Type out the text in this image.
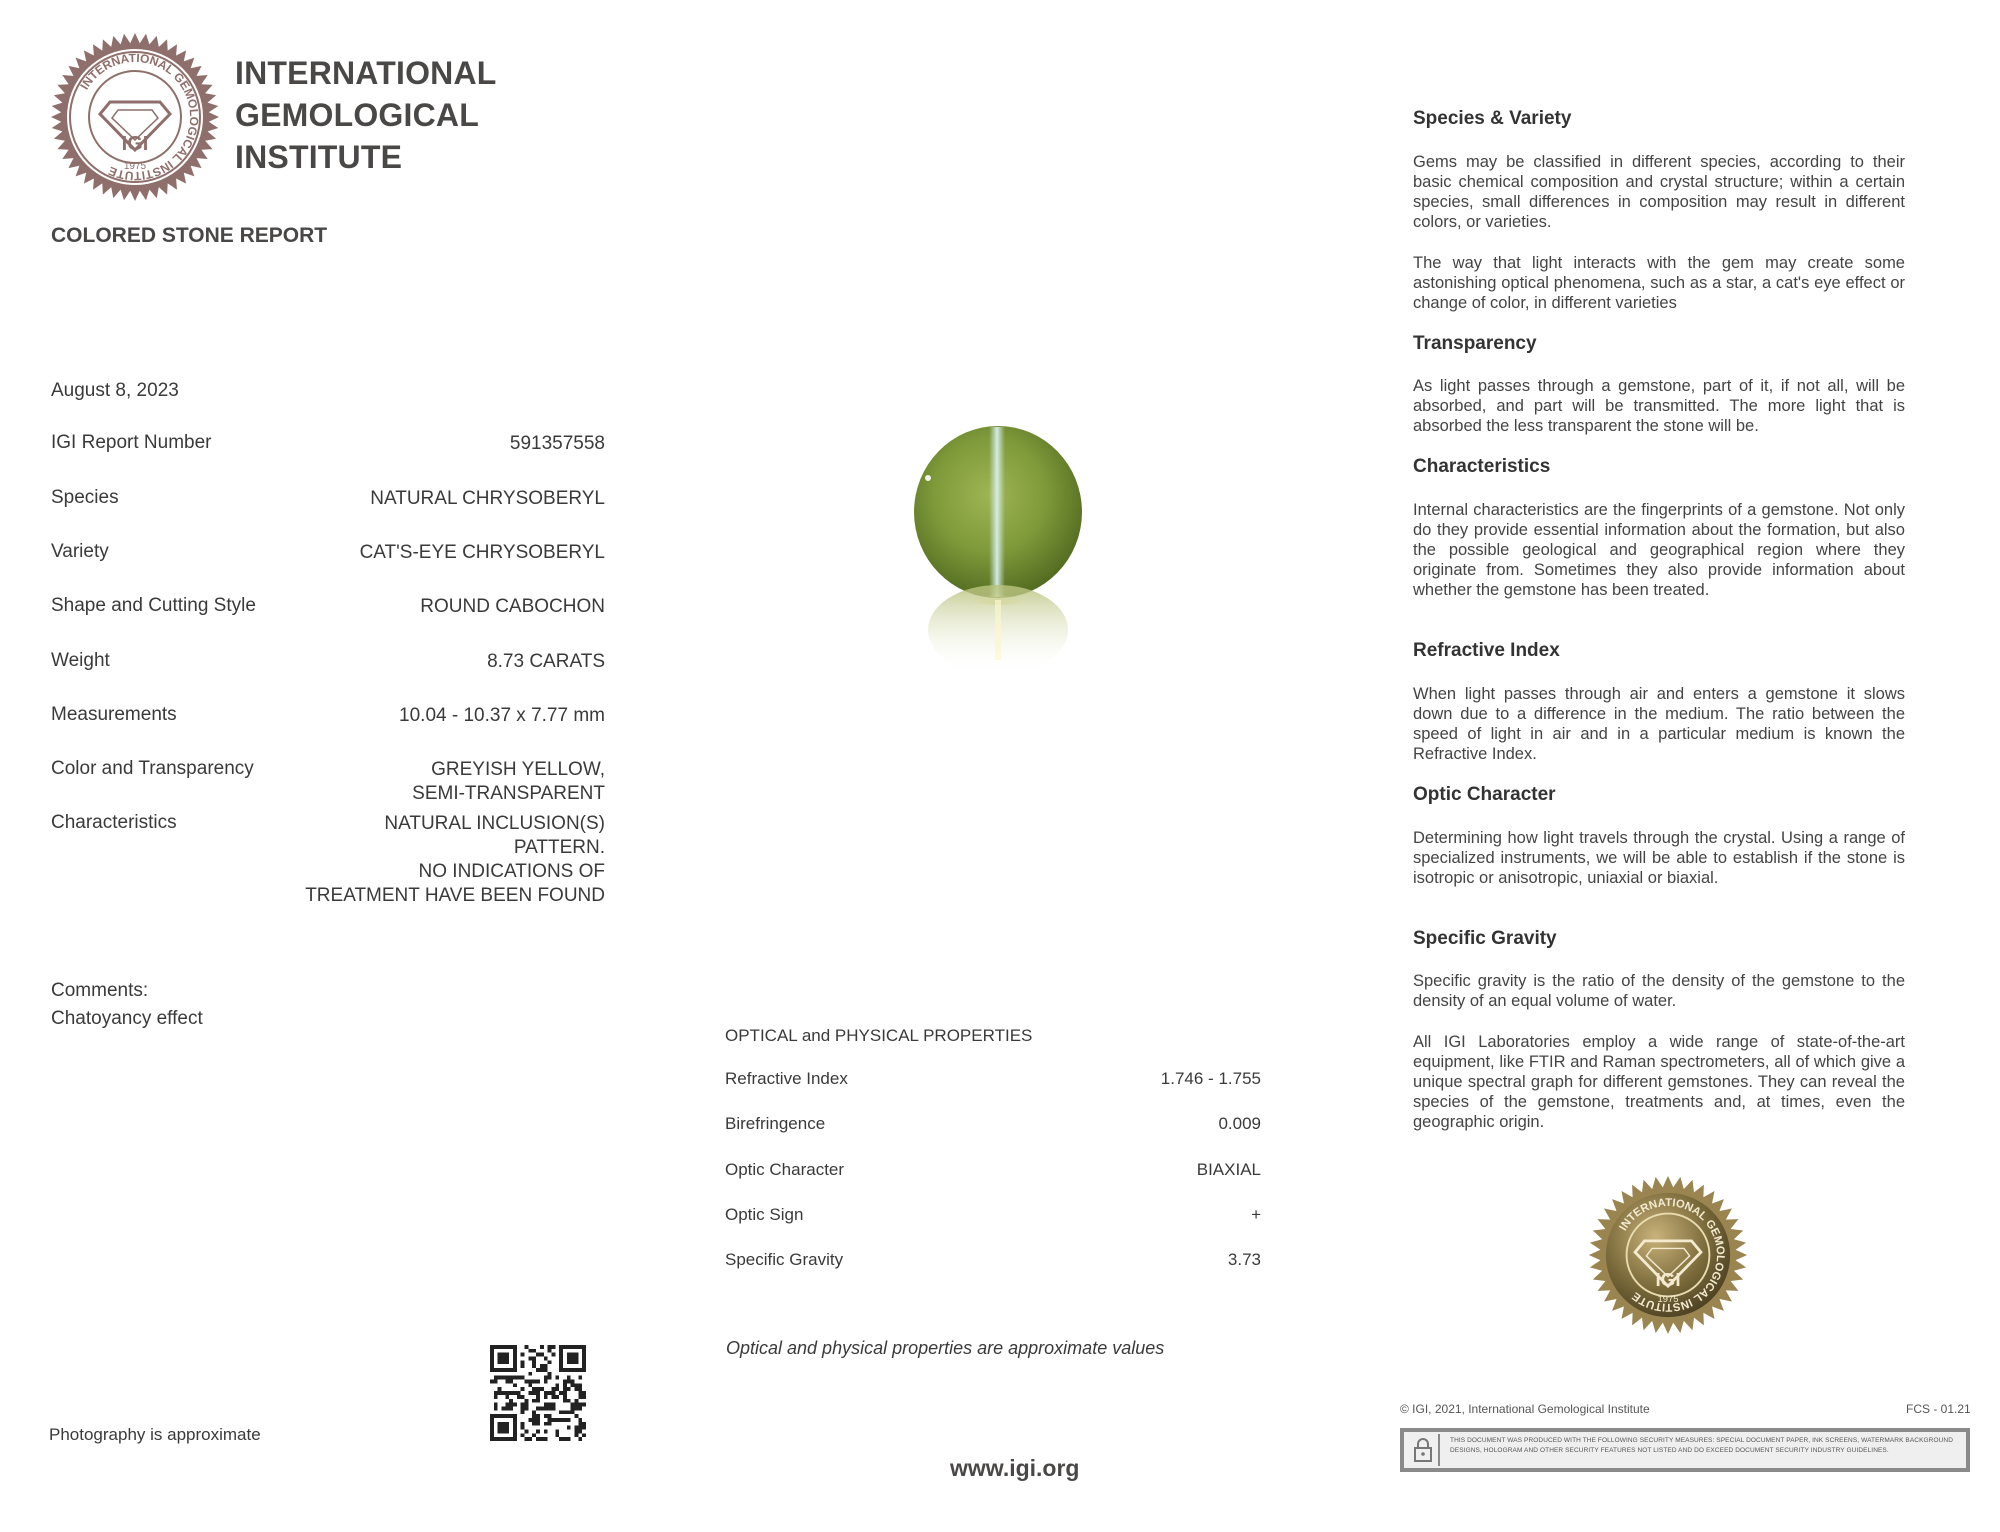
INTERNATIONAL GEMOLOGICAL INSTITUTE
IGI
1975
INTERNATIONAL
GEMOLOGICAL
INSTITUTE
COLORED STONE REPORT
August 8, 2023
IGI Report Number	591357558
Species	NATURAL CHRYSOBERYL
Variety	CAT'S-EYE CHRYSOBERYL
Shape and Cutting Style	ROUND CABOCHON
Weight	8.73 CARATS
Measurements	10.04 - 10.37 x 7.77 mm
Color and Transparency	GREYISH YELLOW,
SEMI-TRANSPARENT
Characteristics	NATURAL INCLUSION(S)
PATTERN.
NO INDICATIONS OF
TREATMENT HAVE BEEN FOUND
Comments:
Chatoyancy effect
Photography is approximate
OPTICAL and PHYSICAL PROPERTIES
Refractive Index	1.746 - 1.755
Birefringence	0.009
Optic Character	BIAXIAL
Optic Sign	+
Specific Gravity	3.73
Optical and physical properties are approximate values
www.igi.org
Species & Variety
Gems may be classified in different species, according to their basic chemical composition and crystal structure; within a certain species, small differences in composition may result in different colors, or varieties.
The way that light interacts with the gem may create some astonishing optical phenomena, such as a star, a cat's eye effect or change of color, in different varieties
Transparency
As light passes through a gemstone, part of it, if not all, will be absorbed, and part will be transmitted. The more light that is absorbed the less transparent the stone will be.
Characteristics
Internal characteristics are the fingerprints of a gemstone. Not only do they provide essential information about the formation, but also the possible geological and geographical region where they originate from. Sometimes they also provide information about whether the gemstone has been treated.
Refractive Index
When light passes through air and enters a gemstone it slows down due to a difference in the medium. The ratio between the speed of light in air and in a particular medium is known the Refractive Index.
Optic Character
Determining how light travels through the crystal. Using a range of specialized instruments, we will be able to establish if the stone is isotropic or anisotropic, uniaxial or biaxial.
Specific Gravity
Specific gravity is the ratio of the density of the gemstone to the density of an equal volume of water.
All IGI Laboratories employ a wide range of state-of-the-art equipment, like FTIR and Raman spectrometers, all of which give a unique spectral graph for different gemstones. They can reveal the species of the gemstone, treatments and, at times, even the geographic origin.
INTERNATIONAL GEMOLOGICAL INSTITUTE
IGI
1975
© IGI, 2021, International Gemological Institute	FCS - 01.21
THIS DOCUMENT WAS PRODUCED WITH THE FOLLOWING SECURITY MEASURES: SPECIAL DOCUMENT PAPER, INK SCREENS, WATERMARK BACKGROUND DESIGNS, HOLOGRAM AND OTHER SECURITY FEATURES NOT LISTED AND DO EXCEED DOCUMENT SECURITY INDUSTRY GUIDELINES.
